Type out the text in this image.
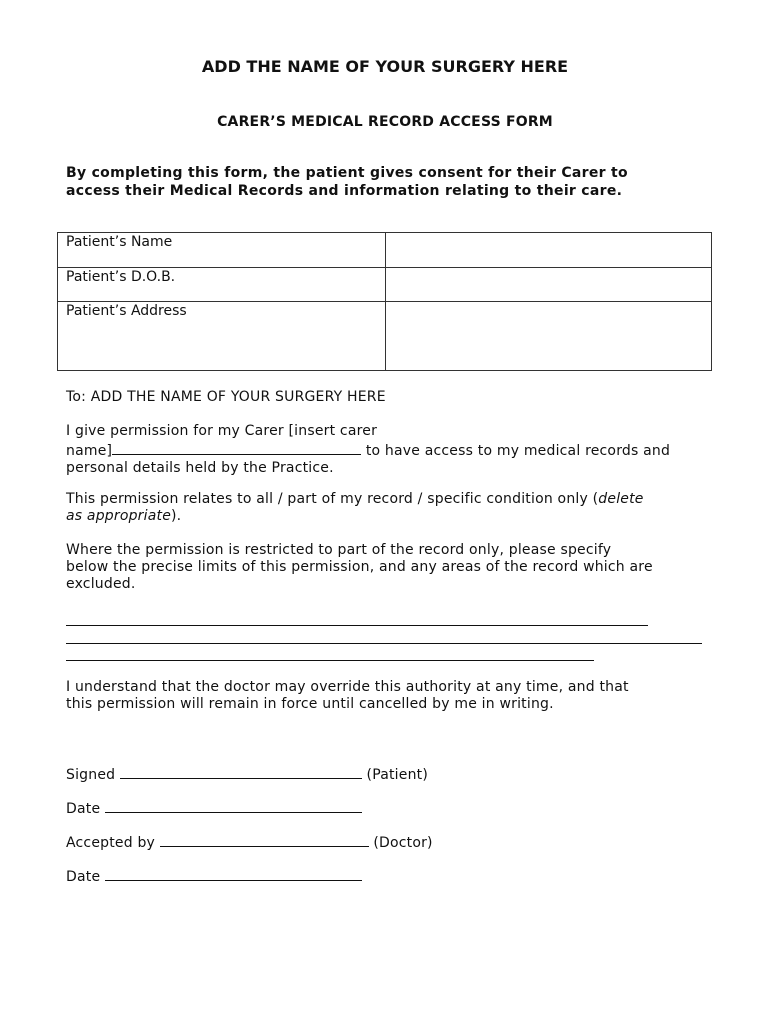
ADD THE NAME OF YOUR SURGERY HERE
CARER’S MEDICAL RECORD ACCESS FORM
By completing this form, the patient gives consent for their Carer to
access their Medical Records and information relating to their care.
Patient’s Name	
Patient’s D.O.B.	
Patient’s Address	
To: ADD THE NAME OF YOUR SURGERY HERE
I give permission for my Carer [insert carer
name]	to have access to my medical records and
personal details held by the Practice.
This permission relates to all / part of my record / specific condition only (delete
as appropriate).
Where the permission is restricted to part of the record only, please specify
below the precise limits of this permission, and any areas of the record which are
excluded.
I understand that the doctor may override this authority at any time, and that
this permission will remain in force until cancelled by me in writing.
Signed	(Patient)
Date
Accepted by	(Doctor)
Date
